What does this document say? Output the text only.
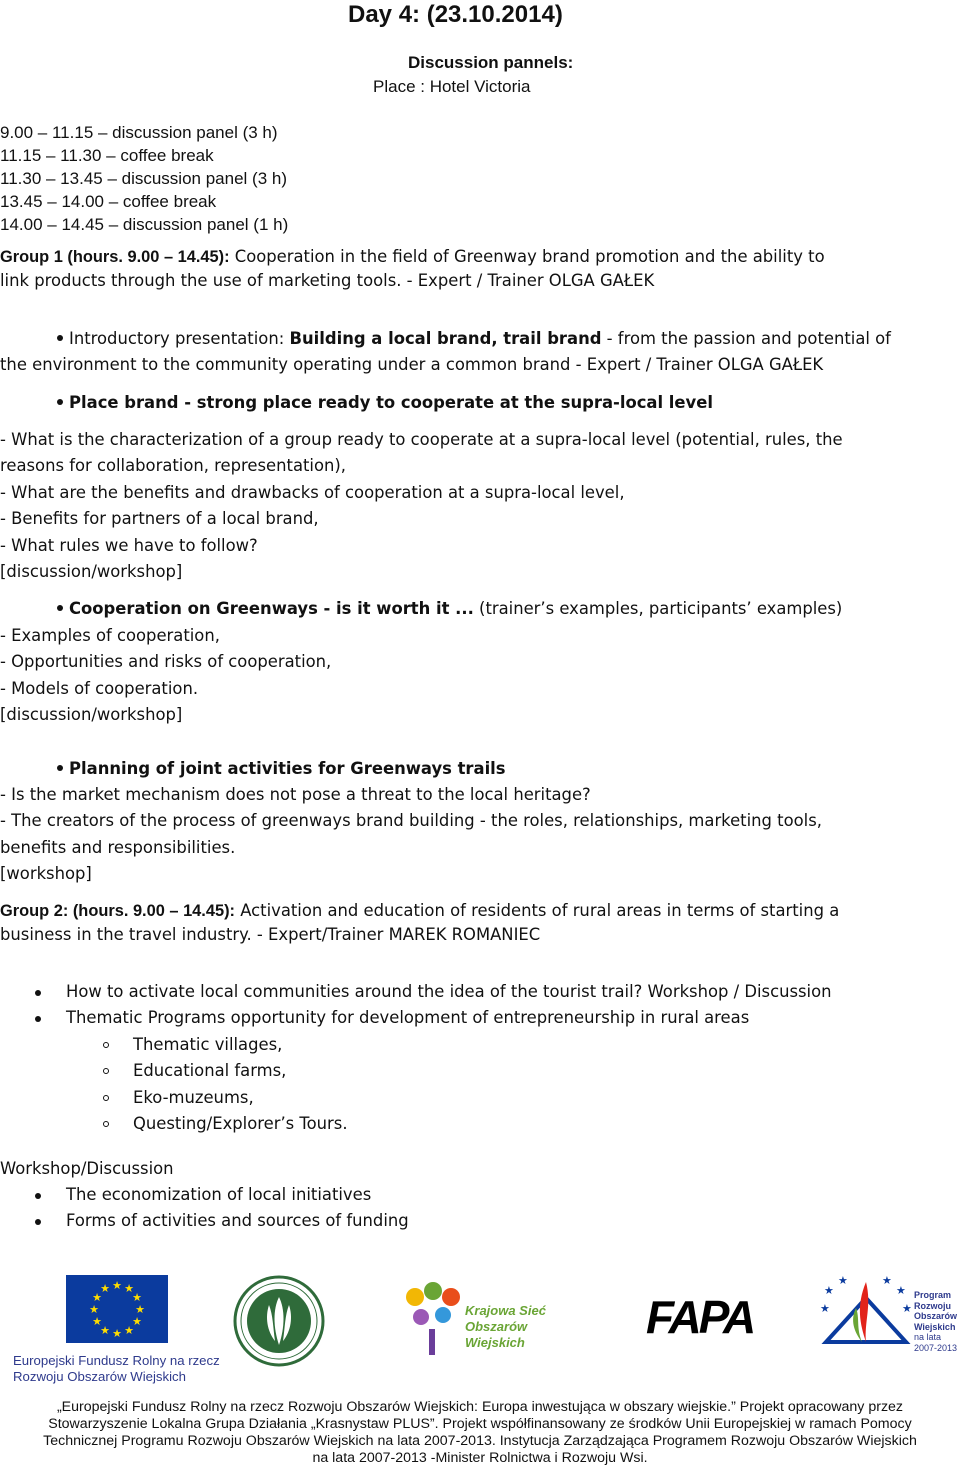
Day 4: (23.10.2014)
Discussion pannels:
Place : Hotel Victoria
9.00 – 11.15 – discussion panel (3 h)
11.15 – 11.30 – coffee break
11.30 – 13.45 – discussion panel (3 h)
13.45 – 14.00 – coffee break
14.00 – 14.45 – discussion panel (1 h)
Group 1 (hours. 9.00 – 14.45): Cooperation in the field of Greenway brand promotion and the ability to
link products through the use of marketing tools. - Expert / Trainer OLGA GAŁEK
Introductory presentation: Building a local brand, trail brand - from the passion and potential of
the environment to the community operating under a common brand - Expert / Trainer OLGA GAŁEK
Place brand - strong place ready to cooperate at the supra-local level
- What is the characterization of a group ready to cooperate at a supra-local level (potential, rules, the
reasons for collaboration, representation),
- What are the benefits and drawbacks of cooperation at a supra-local level,
- Benefits for partners of a local brand,
- What rules we have to follow?
[discussion/workshop]
Cooperation on Greenways - is it worth it ... (trainer’s examples, participants’ examples)
- Examples of cooperation,
- Opportunities and risks of cooperation,
- Models of cooperation.
[discussion/workshop]
Planning of joint activities for Greenways trails
- Is the market mechanism does not pose a threat to the local heritage?
- The creators of the process of greenways brand building - the roles, relationships, marketing tools,
benefits and responsibilities.
[workshop]
Group 2: (hours. 9.00 – 14.45): Activation and education of residents of rural areas in terms of starting a
business in the travel industry. - Expert/Trainer MAREK ROMANIEC
How to activate local communities around the idea of the tourist trail? Workshop / Discussion
Thematic Programs opportunity for development of entrepreneurship in rural areas
Thematic villages,
Educational farms,
Eko-muzeums,
Questing/Explorer’s Tours.
Workshop/Discussion
The economization of local initiatives
Forms of activities and sources of funding
★ ★
★
★
★
★
★
★
★
★
★
★
Europejski Fundusz Rolny na rzecz
Rozwoju Obszarów Wiejskich
Krajowa Sieć
Obszarów Wiejskich	FAPA
★
★	★
★
★
★
Program
Rozwoju
Obszarów
Wiejskich
na lata 2007-2013
„Europejski Fundusz Rolny na rzecz Rozwoju Obszarów Wiejskich: Europa inwestująca w obszary wiejskie.” Projekt opracowany przez
Stowarzyszenie Lokalna Grupa Działania „Krasnystaw PLUS”. Projekt współfinansowany ze środków Unii Europejskiej w ramach Pomocy
Technicznej Programu Rozwoju Obszarów Wiejskich na lata 2007-2013. Instytucja Zarządzająca Programem Rozwoju Obszarów Wiejskich
na lata 2007-2013 -Minister Rolnictwa i Rozwoju Wsi.
